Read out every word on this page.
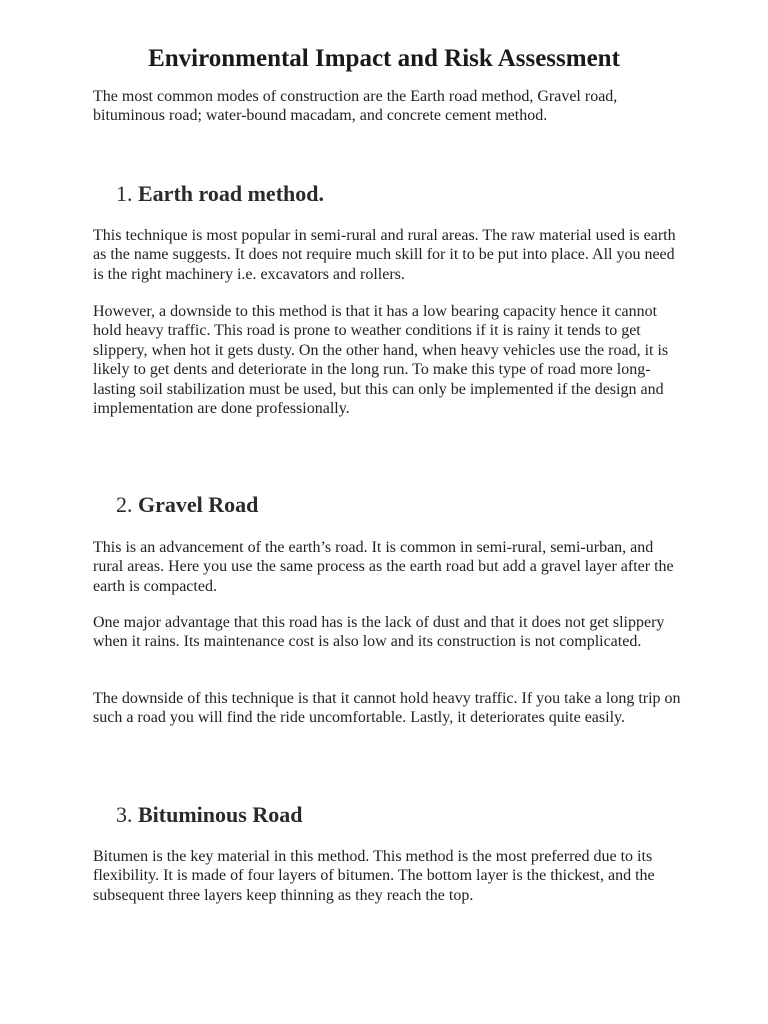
Environmental Impact and Risk Assessment

The most common modes of construction are the Earth road method, Gravel road, bituminous road; water-bound macadam, and concrete cement method.

1. Earth road method.

This technique is most popular in semi-rural and rural areas. The raw material used is earth as the name suggests. It does not require much skill for it to be put into place. All you need is the right machinery i.e. excavators and rollers.

However, a downside to this method is that it has a low bearing capacity hence it cannot hold heavy traffic. This road is prone to weather conditions if it is rainy it tends to get slippery, when hot it gets dusty. On the other hand, when heavy vehicles use the road, it is likely to get dents and deteriorate in the long run. To make this type of road more long-lasting soil stabilization must be used, but this can only be implemented if the design and implementation are done professionally.

2. Gravel Road

This is an advancement of the earth’s road. It is common in semi-rural, semi-urban, and rural areas. Here you use the same process as the earth road but add a gravel layer after the earth is compacted.

One major advantage that this road has is the lack of dust and that it does not get slippery when it rains. Its maintenance cost is also low and its construction is not complicated.

The downside of this technique is that it cannot hold heavy traffic. If you take a long trip on such a road you will find the ride uncomfortable. Lastly, it deteriorates quite easily.

3. Bituminous Road

Bitumen is the key material in this method. This method is the most preferred due to its flexibility. It is made of four layers of bitumen. The bottom layer is the thickest, and the subsequent three layers keep thinning as they reach the top.
